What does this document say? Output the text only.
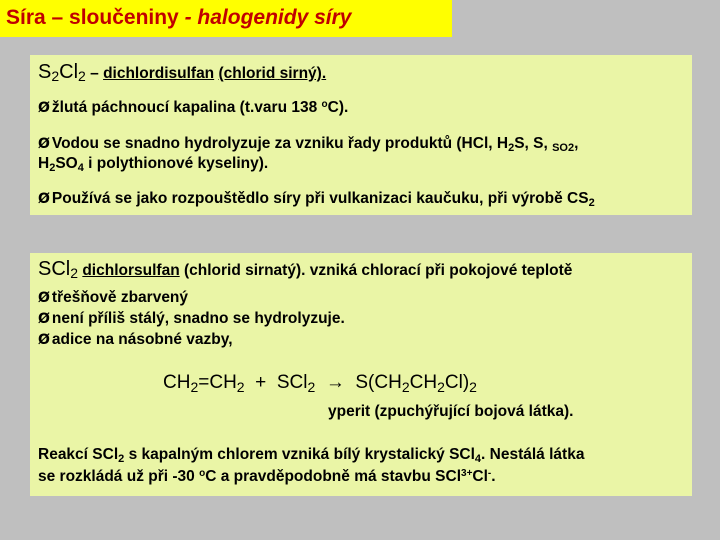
Síra – sloučeniny - halogenidy síry
$S_2Cl_2$ – dichlordisulfan (chlorid sirný).
Ø žlutá páchnoucí kapalina (t.varu 138 $^o$C).
Ø Vodou se snadno hydrolyzuje za vzniku řady produktů (HCl, $H_2S$, S, $_{SO2}$,
$H_2SO_4$ i polythionové kyseliny).
Ø Používá se jako rozpouštědlo síry při vulkanizaci kaučuku, při výrobě $CS_2$
SCl$_2$ dichlorsulfan (chlorid sirnatý). vzniká chlorací při pokojové teplotě
Ø třešňově zbarvený
Ø není příliš stálý, snadno se hydrolyzuje.
Ø adice na násobné vazby,
$CH_2=CH_2 + SCl_2 \to S(CH_2CH_2Cl)_2$
yperit (zpuchýřující bojová látka).
Reakcí SCl$_2$ s kapalným chlorem vzniká bílý krystalický SCl$_4$. Nestálá látka
se rozkládá už při -30 $^o$C a pravděpodobně má stavbu SCl$^{3+}$Cl-.
